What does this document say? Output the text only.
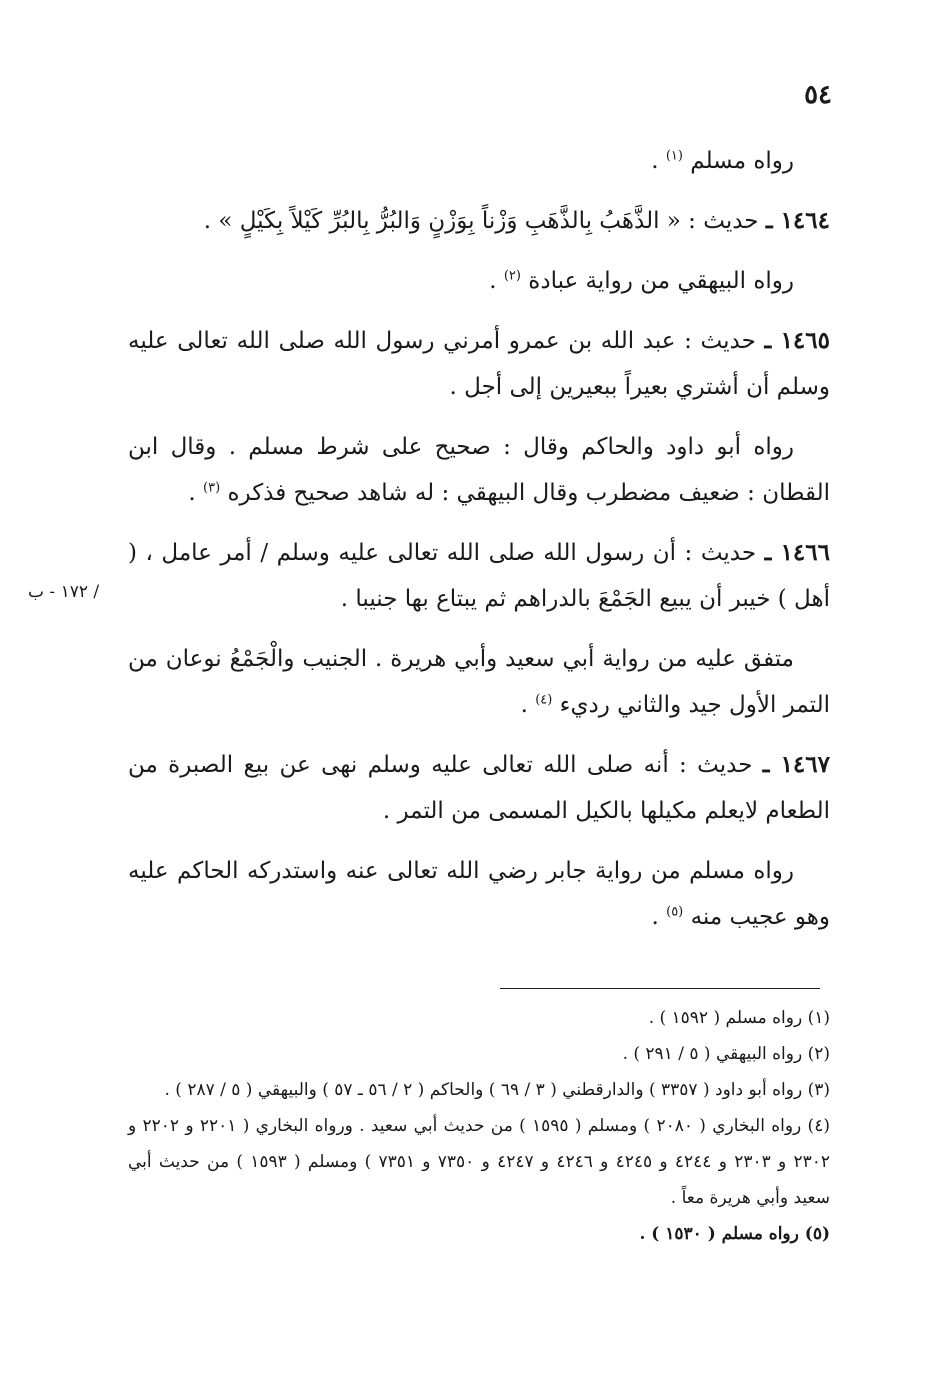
٥٤
/ ١٧٢ - ب

رواه مسلم $^{(١)}$ .

١٤٦٤ ـ حديث : « الذَّهَبُ بِالذَّهَبِ وَزْناً بِوَزْنٍ وَالبُرُّ بِالبُرِّ كَيْلاً بِكَيْلٍ » .

رواه البيهقي من رواية عبادة $^{(٢)}$ .

١٤٦٥ ـ حديث : عبد الله بن عمرو أمرني رسول الله صلى الله تعالى عليه وسلم أن أشتري بعيراً ببعيرين إلى أجل .

رواه أبو داود والحاكم وقال : صحيح على شرط مسلم . وقال ابن القطان : ضعيف مضطرب وقال البيهقي : له شاهد صحيح فذكره $^{(٣)}$ .

١٤٦٦ ـ حديث : أن رسول الله صلى الله تعالى عليه وسلم / أمر عامل ، ( أهل ) خيبر أن يبيع الجَمْعَ بالدراهم ثم يبتاع بها جنيبا .

متفق عليه من رواية أبي سعيد وأبي هريرة . الجنيب والْجَمْعُ نوعان من التمر الأول جيد والثاني رديء $^{(٤)}$ .

١٤٦٧ ـ حديث : أنه صلى الله تعالى عليه وسلم نهى عن بيع الصبرة من الطعام لايعلم مكيلها بالكيل المسمى من التمر .

رواه مسلم من رواية جابر رضي الله تعالى عنه واستدركه الحاكم عليه وهو عجيب منه $^{(٥)}$ .

(١) رواه مسلم ( ١٥٩٢ ) .

(٢) رواه البيهقي ( ٥ / ٢٩١ ) .

(٣) رواه أبو داود ( ٣٣٥٧ ) والدارقطني ( ٣ / ٦٩ ) والحاكم ( ٢ / ٥٦ ـ ٥٧ ) والبيهقي ( ٥ / ٢٨٧ ) .

(٤) رواه البخاري ( ٢٠٨٠ ) ومسلم ( ١٥٩٥ ) من حديث أبي سعيد . ورواه البخاري ( ٢٢٠١ و ٢٢٠٢ و ٢٣٠٢ و ٢٣٠٣ و ٤٢٤٤ و ٤٢٤٥ و ٤٢٤٦ و ٤٢٤٧ و ٧٣٥٠ و ٧٣٥١ ) ومسلم ( ١٥٩٣ ) من حديث أبي سعيد وأبي هريرة معاً .

(٥) رواه مسلم ( ١٥٣٠ ) .
